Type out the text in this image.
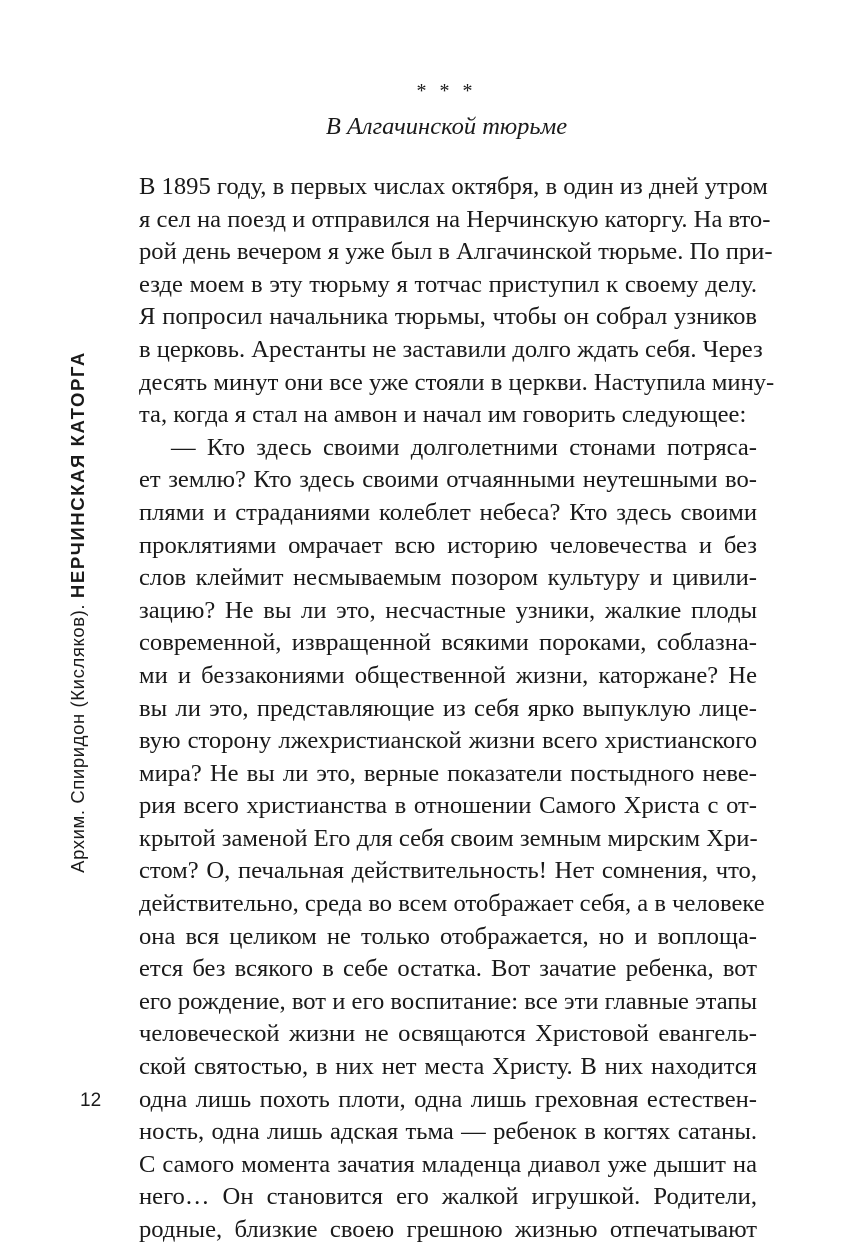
Архим. Спиридон (Кисляков). НЕРЧИНСКАЯ КАТОРГА
12
* * *
В Алгачинской тюрьме
В 1895 году, в первых числах октября, в один из дней утром
я сел на поезд и отправился на Нерчинскую каторгу. На вто-
рой день вечером я уже был в Алгачинской тюрьме. По при-
езде моем в эту тюрьму я тотчас приступил к своему делу.
Я попросил начальника тюрьмы, чтобы он собрал узников
в церковь. Арестанты не заставили долго ждать себя. Через
десять минут они все уже стояли в церкви. Наступила мину-
та, когда я стал на амвон и начал им говорить следующее:
— Кто здесь своими долголетними стонами потряса-
ет землю? Кто здесь своими отчаянными неутешными во-
плями и страданиями колеблет небеса? Кто здесь своими
проклятиями омрачает всю историю человечества и без
слов клеймит несмываемым позором культуру и цивили-
зацию? Не вы ли это, несчастные узники, жалкие плоды
современной, извращенной всякими пороками, соблазна-
ми и беззакониями общественной жизни, каторжане? Не
вы ли это, представляющие из себя ярко выпуклую лице-
вую сторону лжехристианской жизни всего христианского
мира? Не вы ли это, верные показатели постыдного неве-
рия всего христианства в отношении Самого Христа с от-
крытой заменой Его для себя своим земным мирским Хри-
стом? О, печальная действительность! Нет сомнения, что,
действительно, среда во всем отображает себя, а в человеке
она вся целиком не только отображается, но и воплоща-
ется без всякого в себе остатка. Вот зачатие ребенка, вот
его рождение, вот и его воспитание: все эти главные этапы
человеческой жизни не освящаются Христовой евангель-
ской святостью, в них нет места Христу. В них находится
одна лишь похоть плоти, одна лишь греховная естествен-
ность, одна лишь адская тьма — ребенок в когтях сатаны.
С самого момента зачатия младенца диавол уже дышит на
него… Он становится его жалкой игрушкой. Родители,
родные, близкие своею грешною жизнью отпечатывают
